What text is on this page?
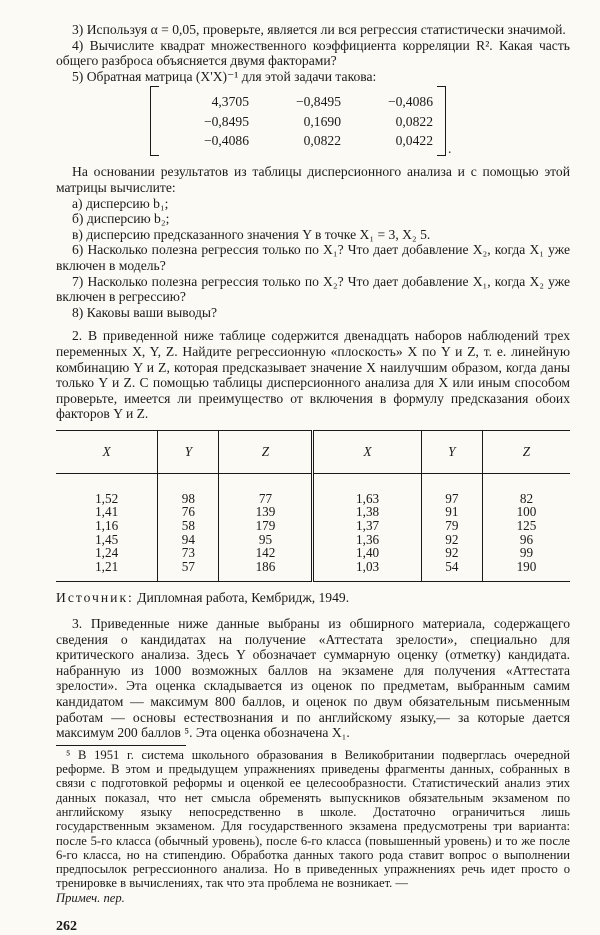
3) Используя α = 0,05, проверьте, является ли вся регрессия статистически значимой.

4) Вычислите квадрат множественного коэффициента корреляции R². Какая часть общего разброса объясняется двумя факторами?

5) Обратная матрица (X'X)⁻¹ для этой задачи такова:

4,3705	−0,8495	−0,4086
−0,8495	0,1690	0,0822
−0,4086	0,0822	0,0422
.

На основании результатов из таблицы дисперсионного анализа и с помощью этой матрицы вычислите:

а) дисперсию b₁;

б) дисперсию b₂;

в) дисперсию предсказанного значения Y в точке X₁ = 3, X₂ 5.

6) Насколько полезна регрессия только по X₁? Что дает добавление X₂, когда X₁ уже включен в модель?

7) Насколько полезна регрессия только по X₂? Что дает добавление X₁, когда X₂ уже включен в регрессию?

8) Каковы ваши выводы?

2. В приведенной ниже таблице содержится двенадцать наборов наблюдений трех переменных X, Y, Z. Найдите регрессионную «плоскость» X по Y и Z, т. е. линейную комбинацию Y и Z, которая предсказывает значение X наилучшим образом, когда даны только Y и Z. С помощью таблицы дисперсионного анализа для X или иным способом проверьте, имеется ли преимущество от включения в формулу предсказания обоих факторов Y и Z.

X	Y	Z	X	Y	Z
1,52	98	77	1,63	97	82
1,41	76	139	1,38	91	100
1,16	58	179	1,37	79	125
1,45	94	95	1,36	92	96
1,24	73	142	1,40	92	99
1,21	57	186	1,03	54	190

Источник: Дипломная работа, Кембридж, 1949.

3. Приведенные ниже данные выбраны из обширного материала, содержащего сведения о кандидатах на получение «Аттестата зрелости», специально для критического анализа. Здесь Y обозначает суммарную оценку (отметку) кандидата. набранную из 1000 возможных баллов на экзамене для получения «Аттестата зрелости». Эта оценка складывается из оценок по предметам, выбранным самим кандидатом — максимум 800 баллов, и оценок по двум обязательным письменным работам — основы естествознания и по английскому языку,— за которые дается максимум 200 баллов ⁵. Эта оценка обозначена X₁.

⁵ В 1951 г. система школьного образования в Великобритании подверглась очередной реформе. В этом и предыдущем упражнениях приведены фрагменты данных, собранных в связи с подготовкой реформы и оценкой ее целесообразности. Статистический анализ этих данных показал, что нет смысла обременять выпускников обязательным экзаменом по английскому языку непосредственно в школе. Достаточно ограничиться лишь государственным экзаменом. Для государственного экзамена предусмотрены три варианта: после 5-го класса (обычный уровень), после 6-го класса (повышенный уровень) и то же после 6-го класса, но на стипендию. Обработка данных такого рода ставит вопрос о выполнении предпосылок регрессионного анализа. Но в приведенных упражнениях речь идет просто о тренировке в вычислениях, так что эта проблема не возникает. —

Примеч. пер.

262
